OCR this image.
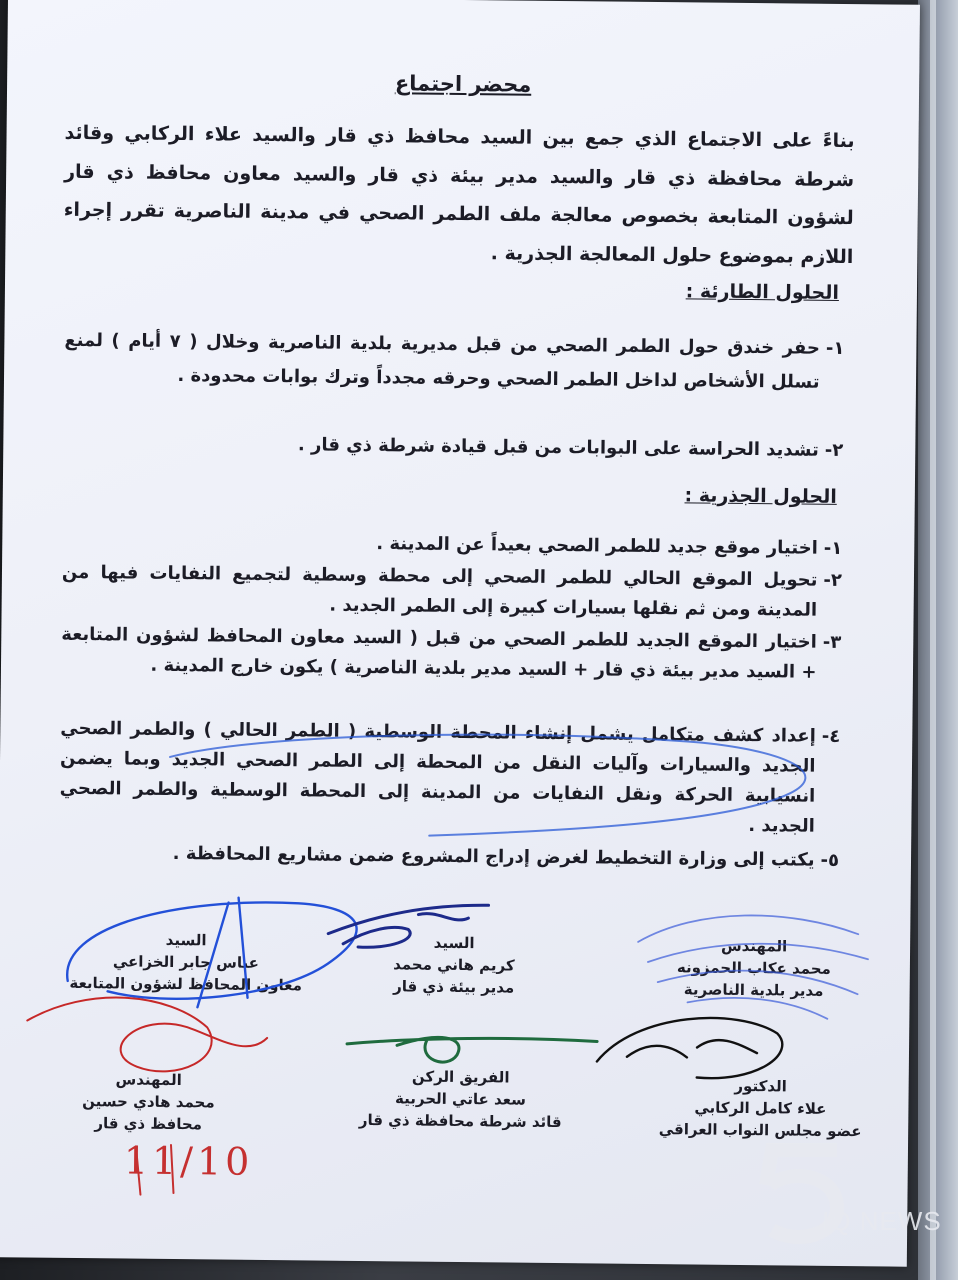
محضر اجتماع
بناءً على الاجتماع الذي جمع بين السيد محافظ ذي قار والسيد علاء الركابي وقائد شرطة محافظة ذي قار والسيد مدير بيئة ذي قار والسيد معاون محافظ ذي قار لشؤون المتابعة بخصوص معالجة ملف الطمر الصحي في مدينة الناصرية تقرر إجراء اللازم بموضوع حلول المعالجة الجذرية .
الحلول الطارئة :
١-
حفر خندق حول الطمر الصحي من قبل مديرية بلدية الناصرية وخلال ( ٧ أيام ) لمنع تسلل الأشخاص لداخل الطمر الصحي وحرقه مجدداً وترك بوابات محدودة .
٢-
تشديد الحراسة على البوابات من قبل قيادة شرطة ذي قار .
الحلول الجذرية :
١-
اختيار موقع جديد للطمر الصحي بعيداً عن المدينة .
٢-
تحويل الموقع الحالي للطمر الصحي إلى محطة وسطية لتجميع النفايات فيها من المدينة ومن ثم نقلها بسيارات كبيرة إلى الطمر الجديد .
٣-
اختيار الموقع الجديد للطمر الصحي من قبل ( السيد معاون المحافظ لشؤون المتابعة + السيد مدير بيئة ذي قار + السيد مدير بلدية الناصرية ) يكون خارج المدينة .
٤-
إعداد كشف متكامل يشمل إنشاء المحطة الوسطية ( الطمر الحالي ) والطمر الصحي الجديد والسيارات وآليات النقل من المحطة إلى الطمر الصحي الجديد وبما يضمن انسيابية الحركة ونقل النفايات من المدينة إلى المحطة الوسطية والطمر الصحي الجديد .
٥-
يكتب إلى وزارة التخطيط لغرض إدراج المشروع ضمن مشاريع المحافظة .
المهندس
محمد عكاب الحمزونه
مدير بلدية الناصرية
السيد
كريم هاني محمد
مدير بيئة ذي قار
السيد
عباس جابر الخزاعي
معاون المحافظ لشؤون المتابعة
الدكتور
علاء كامل الركابي
عضو مجلس النواب العراقي
الفريق الركن
سعد عاتي الحربية
قائد شرطة محافظة ذي قار
المهندس
محمد هادي حسين
محافظ ذي قار
11/10
IQ NEWS
